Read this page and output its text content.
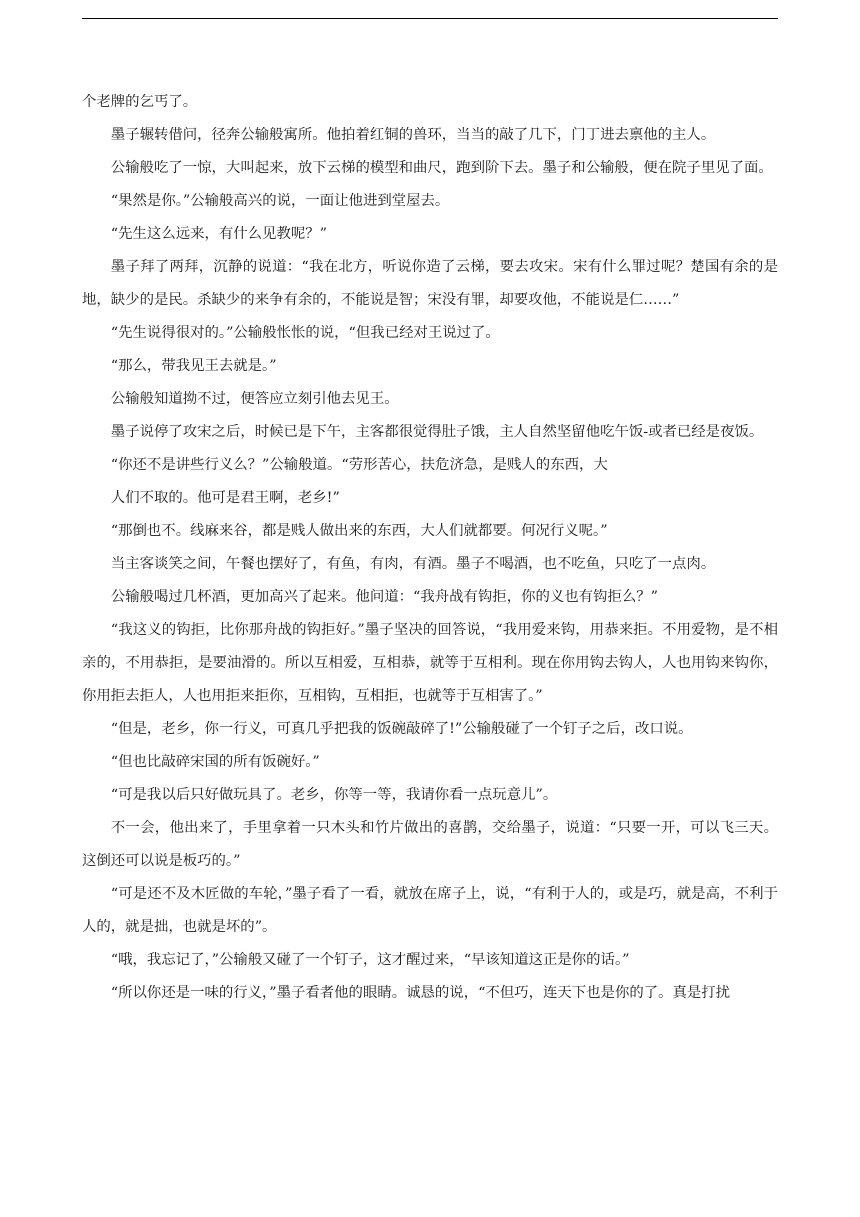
个老牌的乞丐了。

墨子辗转借问，径奔公输般寓所。他拍着红铜的兽环，当当的敲了几下，门丁进去禀他的主人。

公输般吃了一惊，大叫起来，放下云梯的模型和曲尺，跑到阶下去。墨子和公输般，便在院子里见了面。

“果然是你。”公输般高兴的说，一面让他进到堂屋去。

“先生这么远来，有什么见教呢？”

墨子拜了两拜，沉静的说道：“我在北方，听说你造了云梯，要去攻宋。宋有什么罪过呢？楚国有余的是地，缺少的是民。杀缺少的来争有余的，不能说是智；宋没有罪，却要攻他，不能说是仁……”

“先生说得很对的。”公输般怅怅的说，“但我已经对王说过了。

“那么，带我见王去就是。”

公输般知道拗不过，便答应立刻引他去见王。

墨子说停了攻宋之后，时候已是下午，主客都很觉得肚子饿，主人自然坚留他吃午饭-或者已经是夜饭。

“你还不是讲些行义么？”公输般道。“劳形苦心，扶危济急，是贱人的东西，大

人们不取的。他可是君王啊，老乡!”

“那倒也不。线麻来谷，都是贱人做出来的东西，大人们就都要。何况行义呢。”

当主客谈笑之间，午餐也摆好了，有鱼，有肉，有酒。墨子不喝酒，也不吃鱼，只吃了一点肉。

公输般喝过几杯酒，更加高兴了起来。他问道：“我舟战有钩拒，你的义也有钩拒么？”

“我这义的钩拒，比你那舟战的钩拒好。”墨子坚决的回答说，“我用爱来钩，用恭来拒。不用爱物，是不相亲的，不用恭拒，是要油滑的。所以互相爱，互相恭，就等于互相利。现在你用钩去钩人，人也用钩来钩你，你用拒去拒人，人也用拒来拒你，互相钩，互相拒，也就等于互相害了。”

“但是，老乡，你一行义，可真几乎把我的饭碗敲碎了!”公输般碰了一个钉子之后，改口说。

“但也比敲碎宋国的所有饭碗好。”

“可是我以后只好做玩具了。老乡，你等一等，我请你看一点玩意儿”。

不一会，他出来了，手里拿着一只木头和竹片做出的喜鹊，交给墨子，说道：“只要一开，可以飞三天。这倒还可以说是板巧的。”

“可是还不及木匠做的车轮，”墨子看了一看，就放在席子上，说，“有利于人的，或是巧，就是高，不利于人的，就是拙，也就是坏的”。

“哦，我忘记了，”公输般又碰了一个钉子，这才醒过来，“早该知道这正是你的话。”

“所以你还是一味的行义，”墨子看者他的眼睛。诚恳的说，“不但巧，连天下也是你的了。真是打扰
